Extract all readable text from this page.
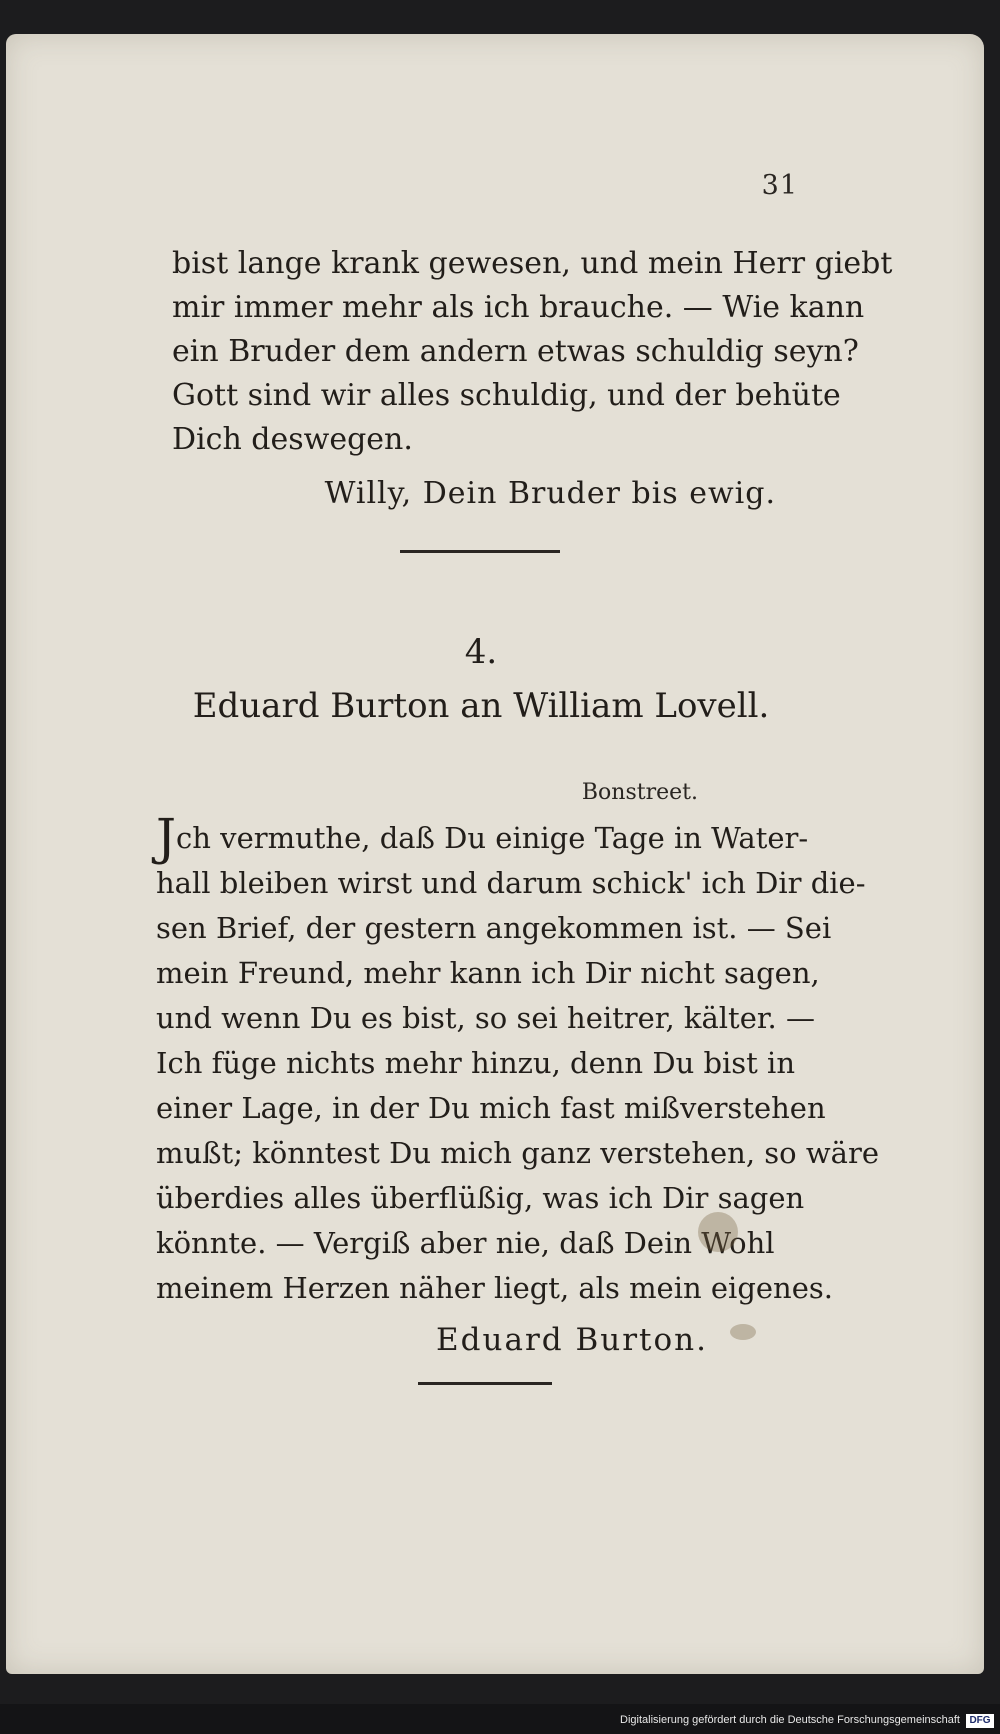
31
bist lange krank gewesen, und mein Herr giebt
mir immer mehr als ich brauche. — Wie kann
ein Bruder dem andern etwas schuldig seyn?
Gott sind wir alles schuldig, und der behüte
Dich deswegen.
Willy, Dein Bruder bis ewig.
4.
Eduard Burton an William Lovell.
Bonstreet.
Jch vermuthe, daß Du einige Tage in Water-
hall bleiben wirst und darum schick' ich Dir die-
sen Brief, der gestern angekommen ist. — Sei
mein Freund, mehr kann ich Dir nicht sagen,
und wenn Du es bist, so sei heitrer, kälter. —
Ich füge nichts mehr hinzu, denn Du bist in
einer Lage, in der Du mich fast mißverstehen
mußt; könntest Du mich ganz verstehen, so wäre
überdies alles überflüßig, was ich Dir sagen
könnte. — Vergiß aber nie, daß Dein Wohl
meinem Herzen näher liegt, als mein eigenes.
Eduard Burton.
Digitalisierung gefördert durch die Deutsche Forschungsgemeinschaft DFG
